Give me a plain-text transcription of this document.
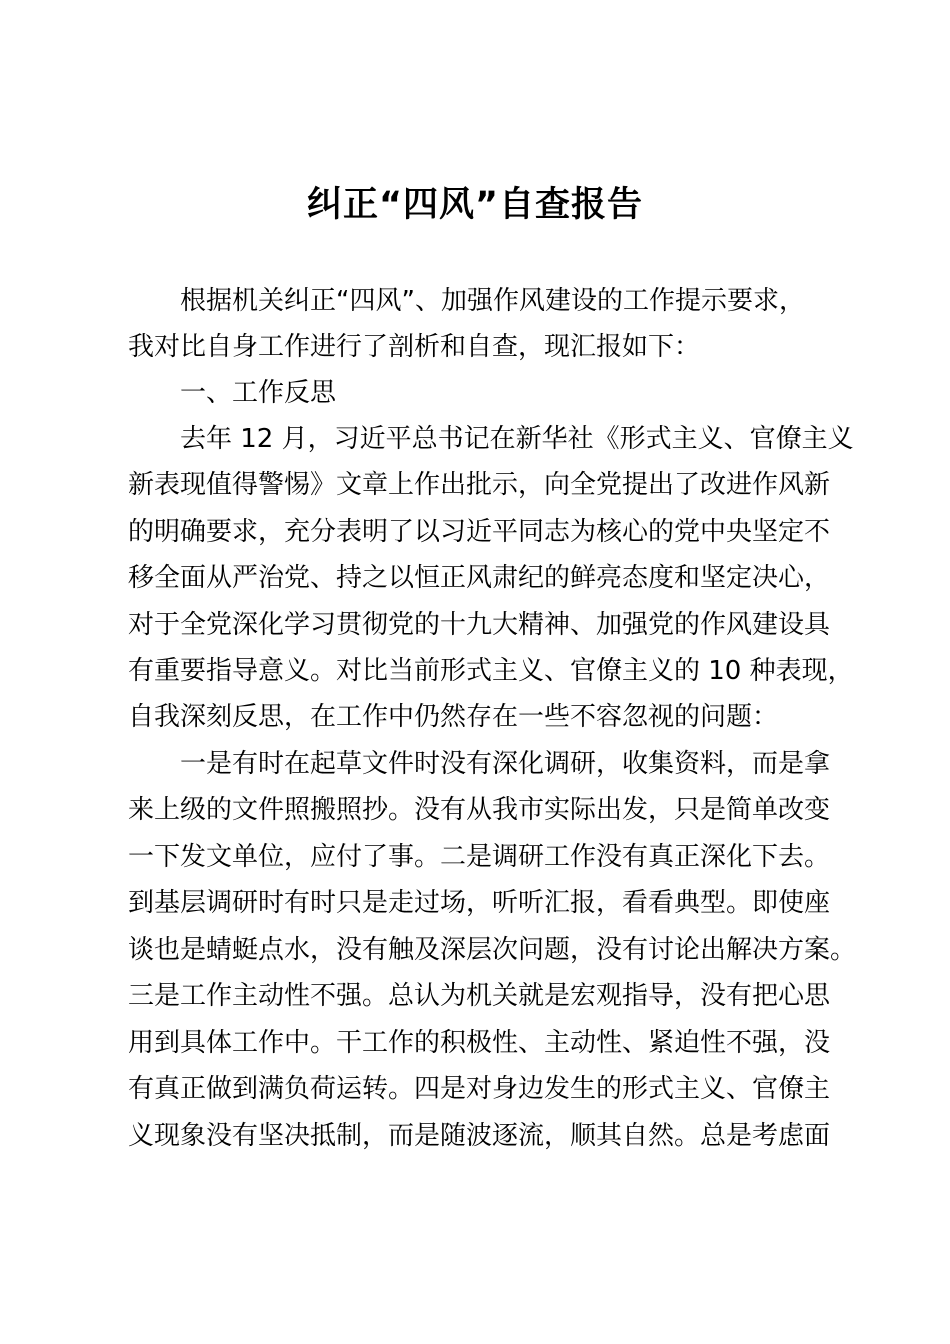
纠正“四风”自查报告
　　根据机关纠正“四风”、加强作风建设的工作提示要求，
我对比自身工作进行了剖析和自查，现汇报如下：
　　一、工作反思
　　去年 12 月，习近平总书记在新华社《形式主义、官僚主义
新表现值得警惕》文章上作出批示，向全党提出了改进作风新
的明确要求，充分表明了以习近平同志为核心的党中央坚定不
移全面从严治党、持之以恒正风肃纪的鲜亮态度和坚定决心，
对于全党深化学习贯彻党的十九大精神、加强党的作风建设具
有重要指导意义。对比当前形式主义、官僚主义的 10 种表现，
自我深刻反思，在工作中仍然存在一些不容忽视的问题：
　　一是有时在起草文件时没有深化调研，收集资料，而是拿
来上级的文件照搬照抄。没有从我市实际出发，只是简单改变
一下发文单位，应付了事。二是调研工作没有真正深化下去。
到基层调研时有时只是走过场，听听汇报，看看典型。即使座
谈也是蜻蜓点水，没有触及深层次问题，没有讨论出解决方案。
三是工作主动性不强。总认为机关就是宏观指导，没有把心思
用到具体工作中。干工作的积极性、主动性、紧迫性不强，没
有真正做到满负荷运转。四是对身边发生的形式主义、官僚主
义现象没有坚决抵制，而是随波逐流，顺其自然。总是考虑面
